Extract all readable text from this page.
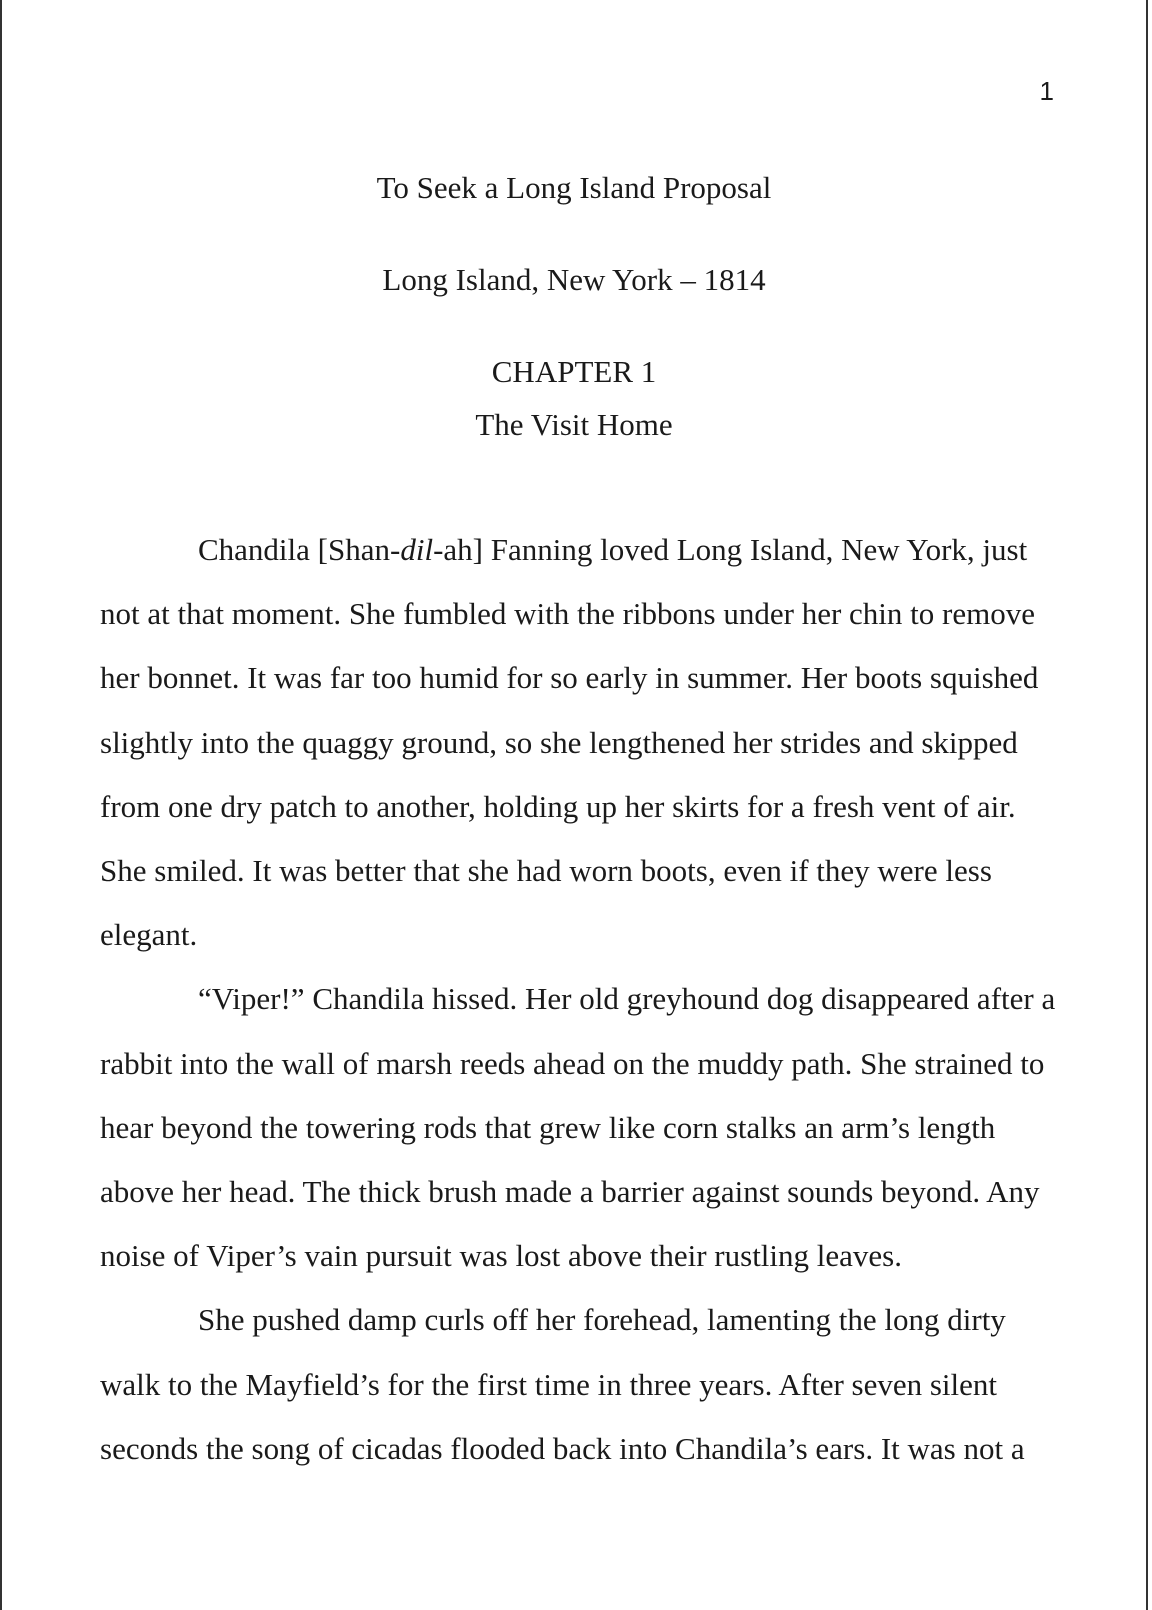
1
To Seek a Long Island Proposal
Long Island, New York – 1814
CHAPTER 1
The Visit Home

Chandila [Shan-dil-ah] Fanning loved Long Island, New York, just not at that moment. She fumbled with the ribbons under her chin to remove her bonnet. It was far too humid for so early in summer. Her boots squished slightly into the quaggy ground, so she lengthened her strides and skipped from one dry patch to another, holding up her skirts for a fresh vent of air. She smiled. It was better that she had worn boots, even if they were less elegant.

“Viper!” Chandila hissed. Her old greyhound dog disappeared after a rabbit into the wall of marsh reeds ahead on the muddy path. She strained to hear beyond the towering rods that grew like corn stalks an arm’s length above her head. The thick brush made a barrier against sounds beyond. Any noise of Viper’s vain pursuit was lost above their rustling leaves.

She pushed damp curls off her forehead, lamenting the long dirty walk to the Mayfield’s for the first time in three years. After seven silent seconds the song of cicadas flooded back into Chandila’s ears. It was not a
